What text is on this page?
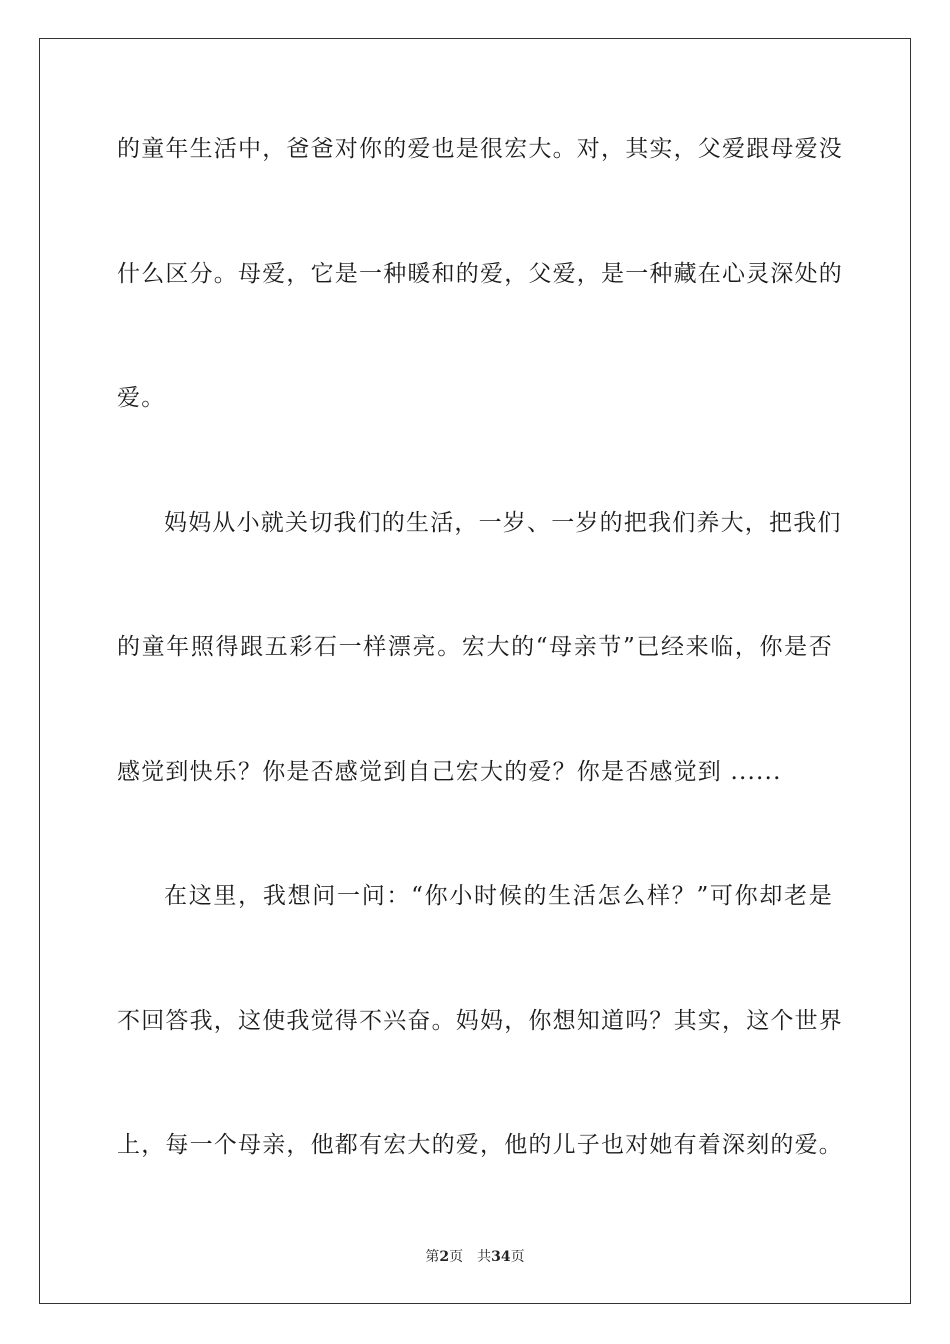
的童年生活中，爸爸对你的爱也是很宏大。对，其实，父爱跟母爱没
什么区分。母爱，它是一种暖和的爱，父爱，是一种藏在心灵深处的
爱。
妈妈从小就关切我们的生活，一岁、一岁的把我们养大，把我们
的童年照得跟五彩石一样漂亮。宏大的“母亲节”已经来临，你是否
感觉到快乐？你是否感觉到自己宏大的爱？你是否感觉到 ......
在这里，我想问一问：“你小时候的生活怎么样？”可你却老是
不回答我，这使我觉得不兴奋。妈妈，你想知道吗？其实，这个世界
上，每一个母亲，他都有宏大的爱，他的儿子也对她有着深刻的爱。
第2页 共34页
